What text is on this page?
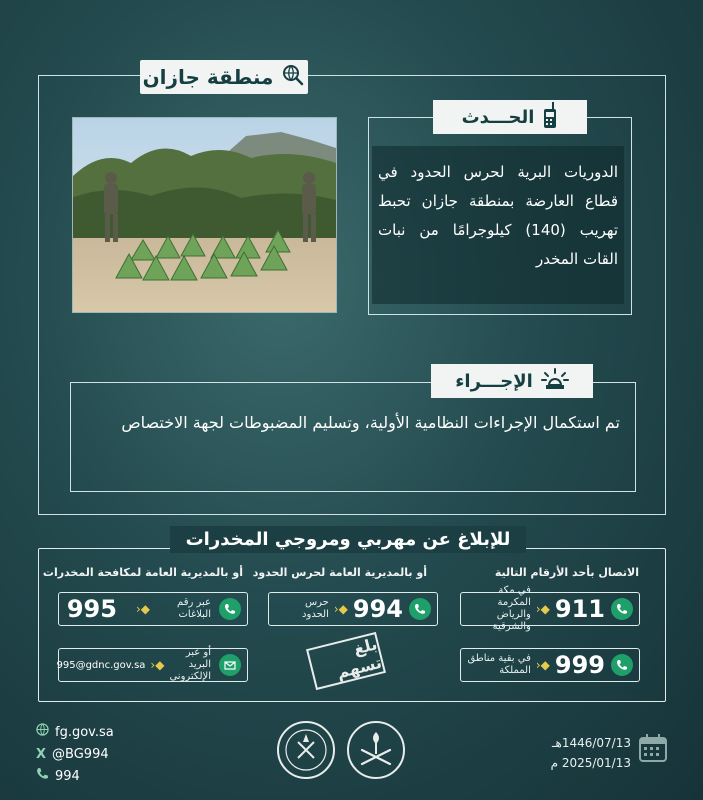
منطقة جازان
الحـــدث
الدوريات البرية لحرس الحدود في قطاع العارضة بمنطقة جازان تحبط تهريب (140) كيلوجرامًا من نبات القات المخدر
الإجـــراء
تم استكمال الإجراءات النظامية الأولية، وتسليم المضبوطات لجهة الاختصاص
للإبلاغ عن مهربي ومروجي المخدرات
الاتصال بأحد الأرقام التالية
أو بالمديرية العامة لحرس الحدود
أو بالمديرية العامة لمكافحة المخدرات
911
◆‹
في مكة المكرمة والرياض والشرقية
999
◆‹
في بقية مناطق المملكة
994
◆‹
حرس الحدود
عبر رقم البلاغات
◆‹
995
أو عبر البريد الإلكتروني
◆‹
995@gdnc.gov.sa
بلغ تسهم
fg.gov.sa
X @BG994
994
1446/07/13هـ
2025/01/13 م
